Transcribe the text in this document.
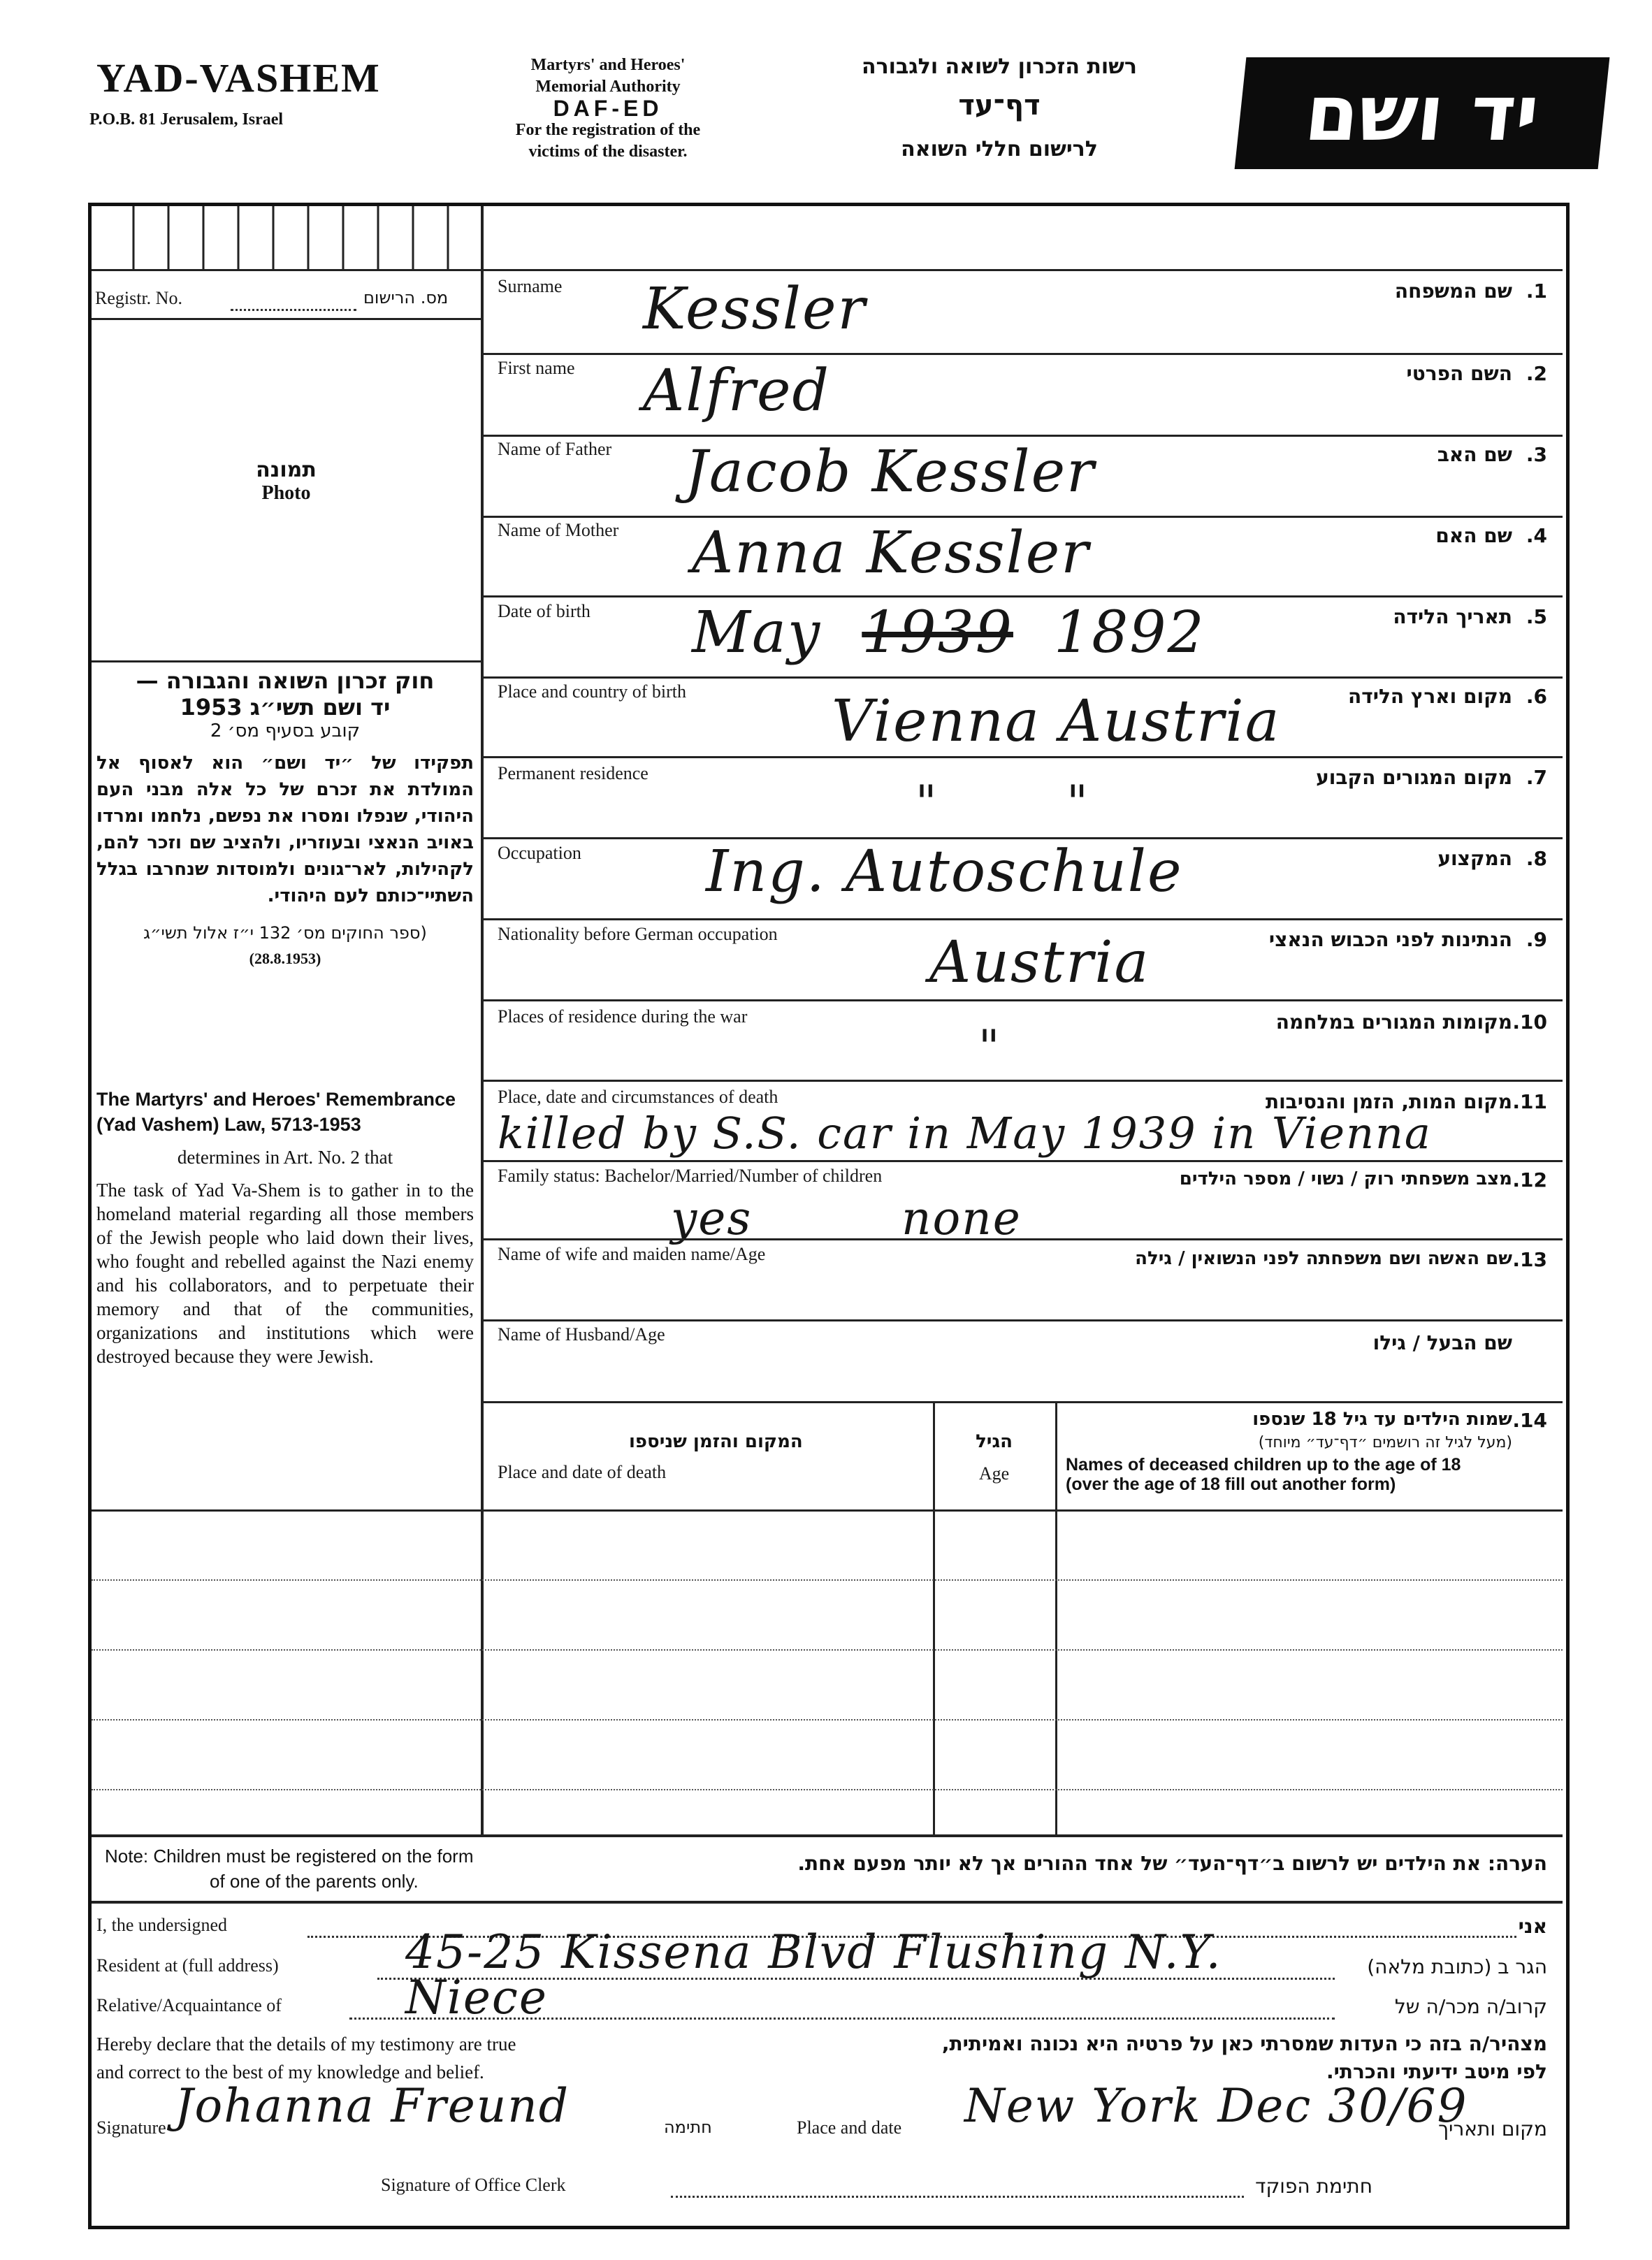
YAD-VASHEM
P.O.B. 81 Jerusalem, Israel
Martyrs' and Heroes'
Memorial Authority
DAF-ED
For the registration of the
victims of the disaster.
רשות הזכרון לשואה ולגבורה
דף־עד
לרישום חללי השואה	יד ושם
Registr. No.	מס. הרישום
תמונה
Photo
חוק זכרון השואה והגבורה —
יד ושם תשי״ג 1953
קובע בסעיף מס׳ 2
תפקידו של ״יד ושם״ הוא לאסוף אל המולדת את זכרם של כל אלה מבני העם היהודי, שנפלו ומסרו את נפשם, נלחמו ומרדו באויב הנאצי ובעוזריו, ולהציב שם וזכר להם, לקהילות, לאר־גונים ולמוסדות שנחרבו בגלל השתיי־כותם לעם היהודי.
(ספר החוקים מס׳ 132 י״ז אלול תשי״ג
(28.8.1953)
The Martyrs' and Heroes' Remembrance (Yad Vashem) Law, 5713-1953
determines in Art. No. 2 that
The task of Yad Va-Shem is to gather in to the homeland material regarding all those members of the Jewish people who laid down their lives, who fought and rebelled against the Nazi enemy and his collaborators, and to perpetuate their memory and that of the communities, organizations and institutions which were destroyed because they were Jewish.
Surname	שם המשפחה 1.
Kessler
First name	השם הפרטי 2.
Alfred
Name of Father	שם האב 3.
Jacob Kessler
Name of Mother	שם האם 4.
Anna Kessler
Date of birth	תאריך הלידה 5.
May 1939 1892
Place and country of birth	מקום וארץ הלידה 6.
Vienna Austria
Permanent residence	מקום המגורים הקבוע 7.
"        "
Occupation	המקצוע 8.
Ing. Autoschule
Nationality before German occupation	הנתינות לפני הכבוש הנאצי 9.
Austria
Places of residence during the war	מקומות המגורים במלחמה 10.
"
Place, date and circumstances of death	מקום המות, הזמן והנסיבות 11.
killed by S.S. car in May 1939 in Vienna
Family status: Bachelor/Married/Number of children	מצב משפחתי רוק / נשוי / מספר הילדים 12.
yes	none
Name of wife and maiden name/Age	שם האשה ושם משפחתה לפני הנשואין / גילה 13.
Name of Husband/Age	שם הבעל / גילו
המקום והזמן שניספו
Place and date of death
הגיל
Age
14.
שמות הילדים עד גיל 18 שנספו
(מעל לגיל זה רושמים ״דף־עד״ מיוחד)
Names of deceased children up to the age of 18
(over the age of 18 fill out another form)
Note: Children must be registered on the form
of one of the parents only.
הערה: את הילדים יש לרשום ב״דף־העד״ של אחד ההורים אך לא יותר מפעם אחת.
I, the undersigned	אני
Resident at (full address)	45-25 Kissena Blvd Flushing N.Y.	הגר ב (כתובת מלאה)
Relative/Acquaintance of	Niece	קרוב/ה מכר/ה של
Hereby declare that the details of my testimony are true
and correct to the best of my knowledge and belief.
מצהיר/ה בזה כי העדות שמסרתי כאן על פרטיה היא נכונה ואמיתית,
לפי מיטב ידיעתי והכרתי.
Signature Johanna Freund	חתימה	Place and date New York Dec 30/69
מקום ותאריך
Signature of Office Clerk	חתימת הפוקד
